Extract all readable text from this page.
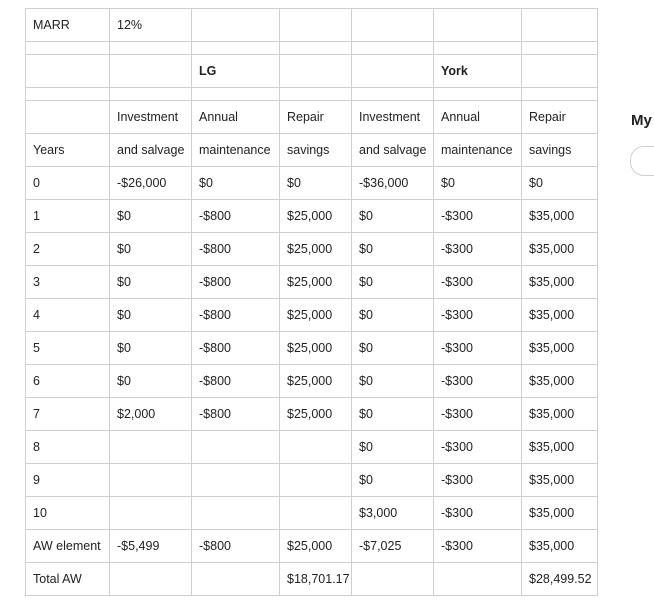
MARR	12%					

		LG			York	

	Investment	Annual	Repair	Investment	Annual	Repair
Years	and salvage	maintenance	savings	and salvage	maintenance	savings
0	-$26,000	$0	$0	-$36,000	$0	$0
1	$0	-$800	$25,000	$0	-$300	$35,000
2	$0	-$800	$25,000	$0	-$300	$35,000
3	$0	-$800	$25,000	$0	-$300	$35,000
4	$0	-$800	$25,000	$0	-$300	$35,000
5	$0	-$800	$25,000	$0	-$300	$35,000
6	$0	-$800	$25,000	$0	-$300	$35,000
7	$2,000	-$800	$25,000	$0	-$300	$35,000
8				$0	-$300	$35,000
9				$0	-$300	$35,000
10				$3,000	-$300	$35,000
AW element	-$5,499	-$800	$25,000	-$7,025	-$300	$35,000
Total AW			$18,701.17			$28,499.52
My
